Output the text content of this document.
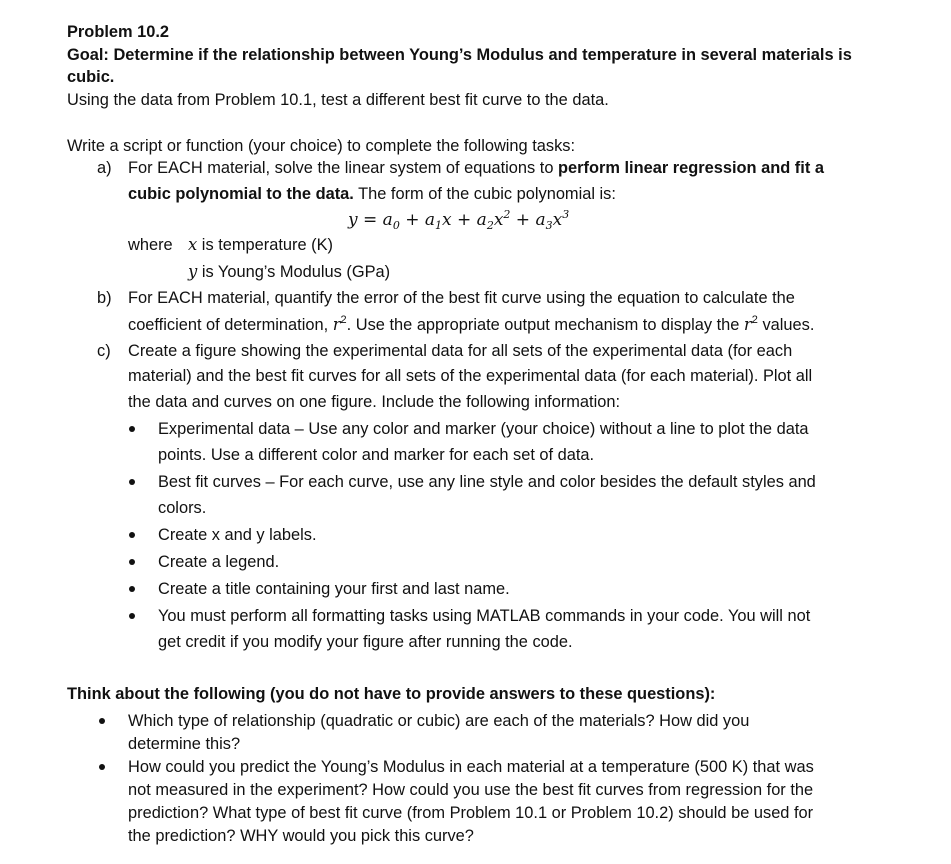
Problem 10.2
Goal: Determine if the relationship between Young’s Modulus and temperature in several materials is
cubic.
Using the data from Problem 10.1, test a different best fit curve to the data.
Write a script or function (your choice) to complete the following tasks:
a) For EACH material, solve the linear system of equations to perform linear regression and fit a
cubic polynomial to the data. The form of the cubic polynomial is:
$y = a_0 + a_1x + a_2x^2 + a_3x^3$
where x is temperature (K)
y is Young’s Modulus (GPa)
b) For EACH material, quantify the error of the best fit curve using the equation to calculate the
coefficient of determination, $r^2$. Use the appropriate output mechanism to display the $r^2$ values.
c) Create a figure showing the experimental data for all sets of the experimental data (for each
material) and the best fit curves for all sets of the experimental data (for each material). Plot all
the data and curves on one figure. Include the following information:
Experimental data – Use any color and marker (your choice) without a line to plot the data
points. Use a different color and marker for each set of data.
Best fit curves – For each curve, use any line style and color besides the default styles and
colors.
Create x and y labels.
Create a legend.
Create a title containing your first and last name.
You must perform all formatting tasks using MATLAB commands in your code. You will not
get credit if you modify your figure after running the code.
Think about the following (you do not have to provide answers to these questions):
Which type of relationship (quadratic or cubic) are each of the materials? How did you
determine this?
How could you predict the Young’s Modulus in each material at a temperature (500 K) that was
not measured in the experiment? How could you use the best fit curves from regression for the
prediction? What type of best fit curve (from Problem 10.1 or Problem 10.2) should be used for
the prediction? WHY would you pick this curve?
